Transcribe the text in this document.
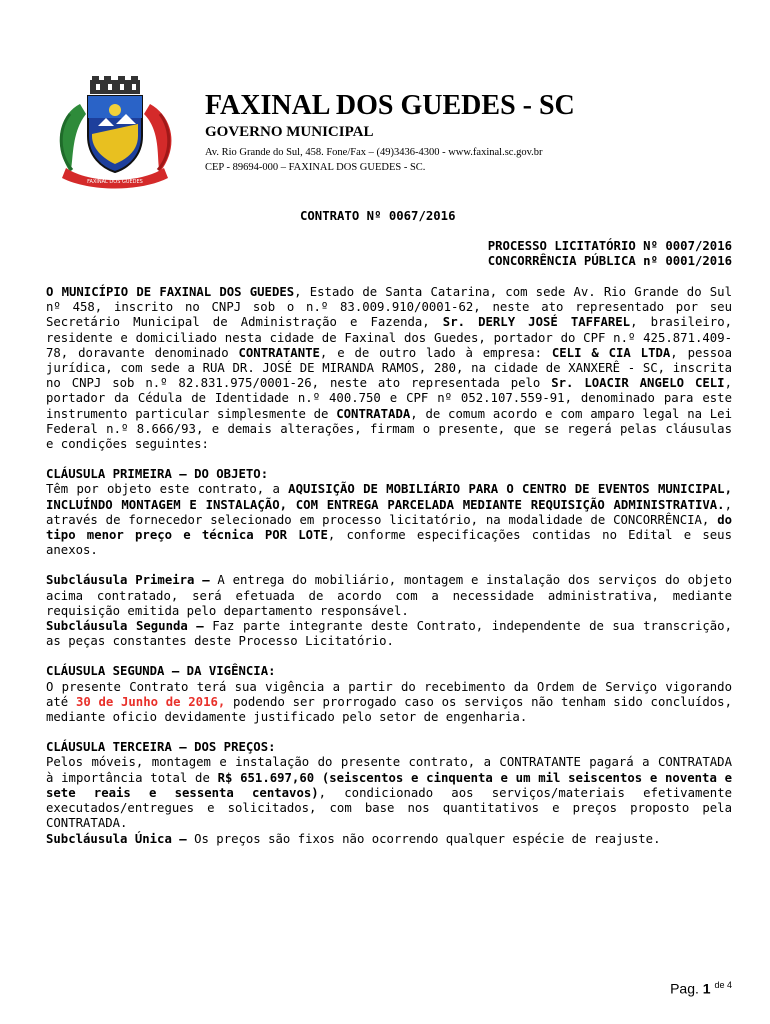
FAXINAL DOS GUEDES
FAXINAL DOS GUEDES - SC
GOVERNO MUNICIPAL
Av. Rio Grande do Sul, 458. Fone/Fax – (49)3436-4300 - www.faxinal.sc.gov.br
CEP - 89694-000 – FAXINAL DOS GUEDES - SC.
CONTRATO Nº 0067/2016
PROCESSO LICITATÓRIO Nº 0007/2016
CONCORRÊNCIA PÚBLICA nº 0001/2016

O MUNICÍPIO DE FAXINAL DOS GUEDES, Estado de Santa Catarina, com sede Av. Rio Grande do Sul nº 458, inscrito no CNPJ sob o n.º 83.009.910/0001-62, neste ato representado por seu Secretário Municipal de Administração e Fazenda, Sr. DERLY JOSÉ TAFFAREL, brasileiro, residente e domiciliado nesta cidade de Faxinal dos Guedes, portador do CPF n.º 425.871.409-78, doravante denominado CONTRATANTE, e de outro lado à empresa: CELI & CIA LTDA, pessoa jurídica, com sede a RUA DR. JOSÉ DE MIRANDA RAMOS, 280, na cidade de XANXERÊ - SC, inscrita no CNPJ sob n.º 82.831.975/0001-26, neste ato representada pelo Sr. LOACIR ANGELO CELI, portador da Cédula de Identidade n.º 400.750 e CPF nº 052.107.559-91, denominado para este instrumento particular simplesmente de CONTRATADA, de comum acordo e com amparo legal na Lei Federal n.º 8.666/93, e demais alterações, firmam o presente, que se regerá pelas cláusulas e condições seguintes:

CLÁUSULA PRIMEIRA – DO OBJETO:

Têm por objeto este contrato, a AQUISIÇÃO DE MOBILIÁRIO PARA O CENTRO DE EVENTOS MUNICIPAL, INCLUÍNDO MONTAGEM E INSTALAÇÃO, COM ENTREGA PARCELADA MEDIANTE REQUISIÇÃO ADMINISTRATIVA., através de fornecedor selecionado em processo licitatório, na modalidade de CONCORRÊNCIA, do tipo menor preço e técnica POR LOTE, conforme especificações contidas no Edital e seus anexos.

Subcláusula Primeira – A entrega do mobiliário, montagem e instalação dos serviços do objeto acima contratado, será efetuada de acordo com a necessidade administrativa, mediante requisição emitida pelo departamento responsável.

Subcláusula Segunda – Faz parte integrante deste Contrato, independente de sua transcrição, as peças constantes deste Processo Licitatório.

CLÁUSULA SEGUNDA – DA VIGÊNCIA:

O presente Contrato terá sua vigência a partir do recebimento da Ordem de Serviço vigorando até 30 de Junho de 2016, podendo ser prorrogado caso os serviços não tenham sido concluídos, mediante oficio devidamente justificado pelo setor de engenharia.

CLÁUSULA TERCEIRA – DOS PREÇOS:

Pelos móveis, montagem e instalação do presente contrato, a CONTRATANTE pagará a CONTRATADA à importância total de R$ 651.697,60 (seiscentos e cinquenta e um mil seiscentos e noventa e sete reais e sessenta centavos), condicionado aos serviços/materiais efetivamente executados/entregues e solicitados, com base nos quantitativos e preços proposto pela CONTRATADA.

Subcláusula Única – Os preços são fixos não ocorrendo qualquer espécie de reajuste.

Pag. 1 $^{de 4}$
